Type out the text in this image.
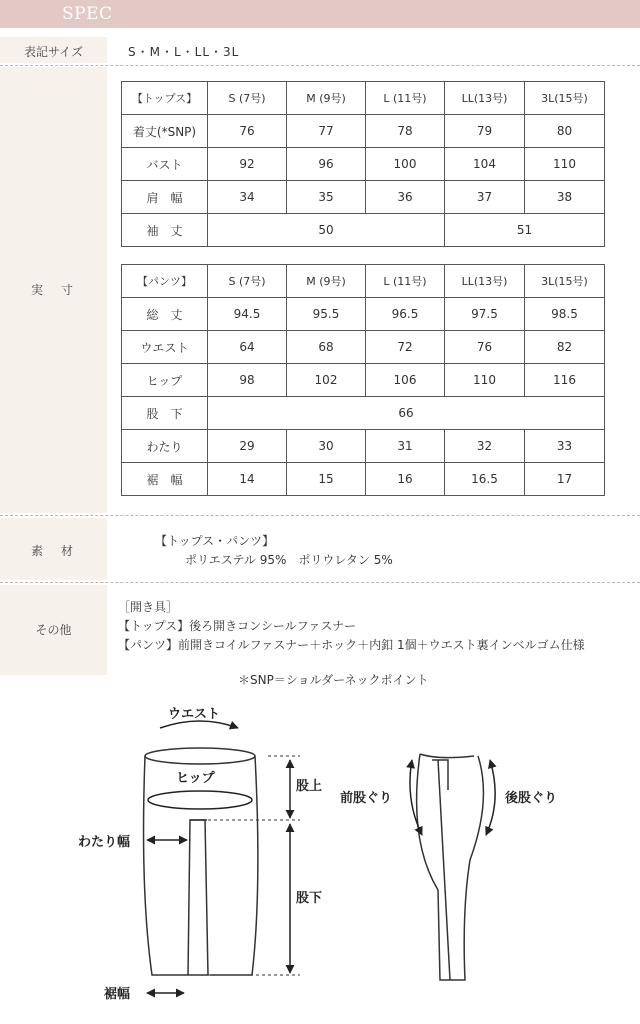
SPEC
表記サイズ
実　寸
素　材
その他
S・M・L・LL・3L
【トップス】	S (7号)	M (9号)	L (11号)	LL(13号)	3L(15号)
着丈(*SNP)	76	77	78	79	80
バスト	92	96	100	104	110
肩　幅	34	35	36	37	38
袖　丈	50			51	
【パンツ】	S (7号)	M (9号)	L (11号)	LL(13号)	3L(15号)
総　丈	94.5	95.5	96.5	97.5	98.5
ウエスト	64	68	72	76	82
ヒップ	98	102	106	110	116
股　下	66				
わたり	29	30	31	32	33
裾　幅	14	15	16	16.5	17
【トップス・パンツ】
ポリエステル 95%　ポリウレタン 5%
［開き具］
【トップス】後ろ開きコンシールファスナー
【パンツ】前開きコイルファスナー＋ホック＋内釦 1個＋ウエスト裏インベルゴム仕様
＊SNP＝ショルダーネックポイント
ウエスト
ヒップ
股上
股下
わたり幅
裾幅
前股ぐり	後股ぐり
